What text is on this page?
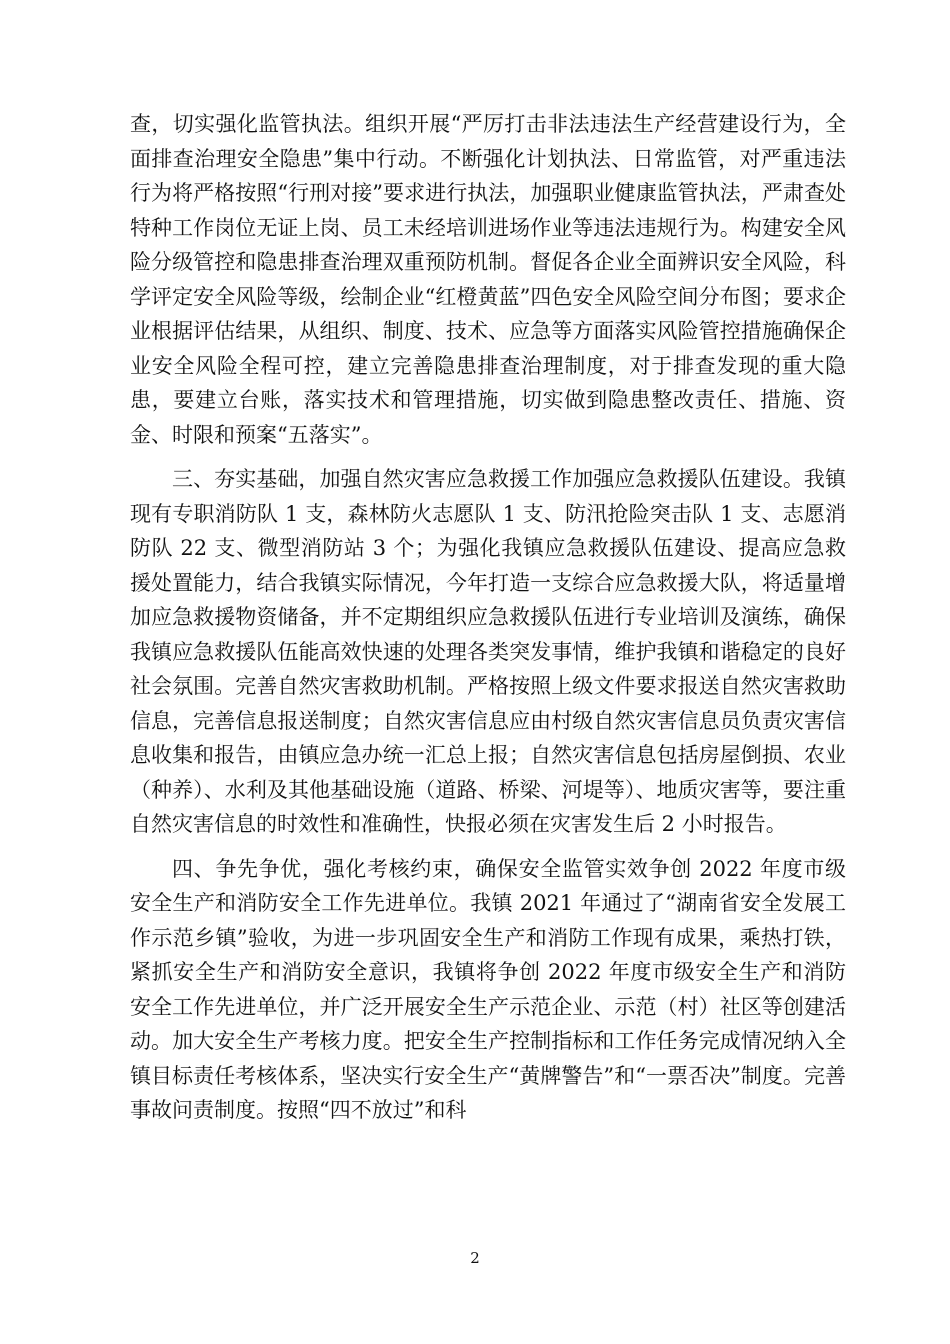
查，切实强化监管执法。组织开展“严厉打击非法违法生产经营建设行为，全面排查治理安全隐患”集中行动。不断强化计划执法、日常监管，对严重违法行为将严格按照“行刑对接”要求进行执法，加强职业健康监管执法，严肃查处特种工作岗位无证上岗、员工未经培训进场作业等违法违规行为。构建安全风险分级管控和隐患排查治理双重预防机制。督促各企业全面辨识安全风险，科学评定安全风险等级，绘制企业“红橙黄蓝”四色安全风险空间分布图；要求企业根据评估结果，从组织、制度、技术、应急等方面落实风险管控措施确保企业安全风险全程可控，建立完善隐患排查治理制度，对于排查发现的重大隐患，要建立台账，落实技术和管理措施，切实做到隐患整改责任、措施、资金、时限和预案“五落实”。

三、夯实基础，加强自然灾害应急救援工作加强应急救援队伍建设。我镇现有专职消防队 1 支，森林防火志愿队 1 支、防汛抢险突击队 1 支、志愿消防队 22 支、微型消防站 3 个；为强化我镇应急救援队伍建设、提高应急救援处置能力，结合我镇实际情况，今年打造一支综合应急救援大队，将适量增加应急救援物资储备，并不定期组织应急救援队伍进行专业培训及演练，确保我镇应急救援队伍能高效快速的处理各类突发事情，维护我镇和谐稳定的良好社会氛围。完善自然灾害救助机制。严格按照上级文件要求报送自然灾害救助信息，完善信息报送制度；自然灾害信息应由村级自然灾害信息员负责灾害信息收集和报告，由镇应急办统一汇总上报；自然灾害信息包括房屋倒损、农业（种养）、水利及其他基础设施（道路、桥梁、河堤等）、地质灾害等，要注重自然灾害信息的时效性和准确性，快报必须在灾害发生后 2 小时报告。

四、争先争优，强化考核约束，确保安全监管实效争创 2022 年度市级安全生产和消防安全工作先进单位。我镇 2021 年通过了“湖南省安全发展工作示范乡镇”验收，为进一步巩固安全生产和消防工作现有成果，乘热打铁，紧抓安全生产和消防安全意识，我镇将争创 2022 年度市级安全生产和消防安全工作先进单位，并广泛开展安全生产示范企业、示范（村）社区等创建活动。加大安全生产考核力度。把安全生产控制指标和工作任务完成情况纳入全镇目标责任考核体系，坚决实行安全生产“黄牌警告”和“一票否决”制度。完善事故问责制度。按照“四不放过”和科

2
